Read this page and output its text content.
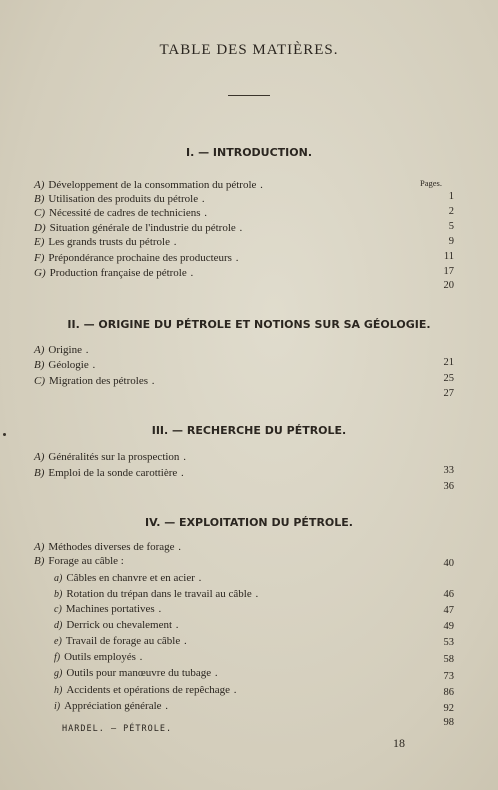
TABLE DES MATIÈRES.
I. — INTRODUCTION.
Pages.
A) Développement de la consommation du pétrole .
1
B) Utilisation des produits du pétrole .
2
C) Nécessité de cadres de techniciens .
5
D) Situation générale de l'industrie du pétrole .
9
E) Les grands trusts du pétrole .
11
F) Prépondérance prochaine des producteurs .
17
G) Production française de pétrole .
20
II. — ORIGINE DU PÉTROLE ET NOTIONS SUR SA GÉOLOGIE.
A) Origine .
21
B) Géologie .
25
C) Migration des pétroles .
27
III. — RECHERCHE DU PÉTROLE.
A) Généralités sur la prospection .
33
B) Emploi de la sonde carottière .
36
IV. — EXPLOITATION DU PÉTROLE.
A) Méthodes diverses de forage .
40
B) Forage au câble :
a) Câbles en chanvre et en acier .
46
b) Rotation du trépan dans le travail au câble .
47
c) Machines portatives .
49
d) Derrick ou chevalement .
53
e) Travail de forage au câble .
58
f) Outils employés .
73
g) Outils pour manœuvre du tubage .
86
h) Accidents et opérations de repêchage .
92
i) Appréciation générale .
98
HARDEL. — PÉTROLE.
18
